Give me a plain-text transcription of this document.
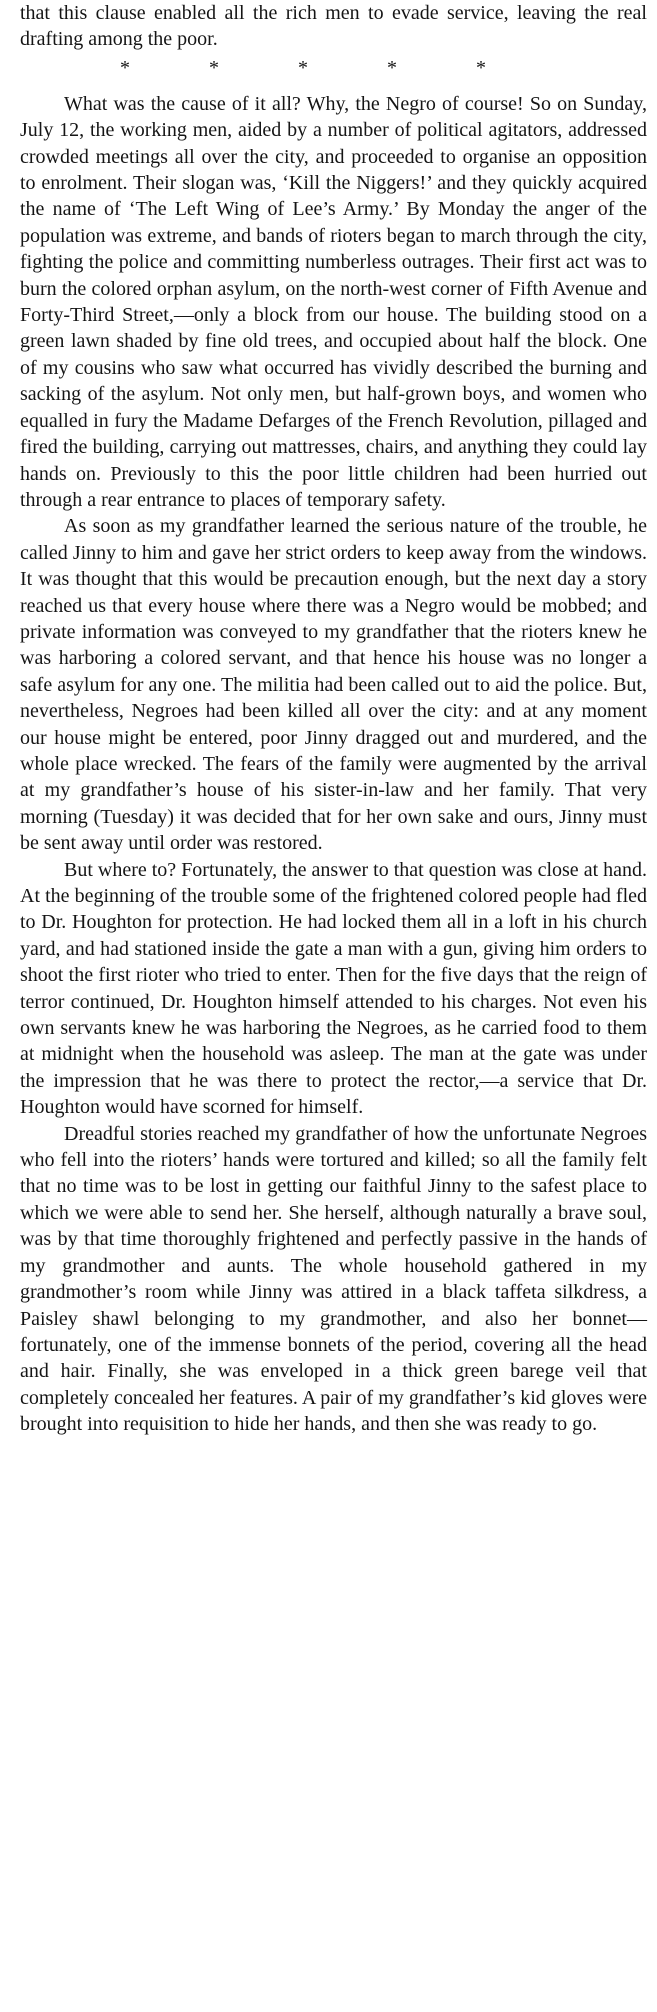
that this clause enabled all the rich men to evade service, leaving the real drafting among the poor.

* * * * *

What was the cause of it all? Why, the Negro of course! So on Sunday, July 12, the working men, aided by a number of political agitators, addressed crowded meetings all over the city, and proceeded to organise an opposition to enrolment. Their slogan was, ‘Kill the Niggers!’ and they quickly acquired the name of ‘The Left Wing of Lee’s Army.’ By Monday the anger of the population was extreme, and bands of rioters began to march through the city, fighting the police and committing numberless outrages. Their first act was to burn the colored orphan asylum, on the north-west corner of Fifth Avenue and Forty-Third Street,—only a block from our house. The building stood on a green lawn shaded by fine old trees, and occupied about half the block. One of my cousins who saw what occurred has vividly described the burning and sacking of the asylum. Not only men, but half-grown boys, and women who equalled in fury the Madame Defarges of the French Revolution, pillaged and fired the building, carrying out mattresses, chairs, and anything they could lay hands on. Previously to this the poor little children had been hurried out through a rear entrance to places of temporary safety.

As soon as my grandfather learned the serious nature of the trouble, he called Jinny to him and gave her strict orders to keep away from the windows. It was thought that this would be precaution enough, but the next day a story reached us that every house where there was a Negro would be mobbed; and private information was conveyed to my grandfather that the rioters knew he was harboring a colored servant, and that hence his house was no longer a safe asylum for any one. The militia had been called out to aid the police. But, nevertheless, Negroes had been killed all over the city: and at any moment our house might be entered, poor Jinny dragged out and murdered, and the whole place wrecked. The fears of the family were augmented by the arrival at my grandfather’s house of his sister-in-law and her family. That very morning (Tuesday) it was decided that for her own sake and ours, Jinny must be sent away until order was restored.

But where to? Fortunately, the answer to that question was close at hand. At the beginning of the trouble some of the frightened colored people had fled to Dr. Houghton for protection. He had locked them all in a loft in his church yard, and had stationed inside the gate a man with a gun, giving him orders to shoot the first rioter who tried to enter. Then for the five days that the reign of terror continued, Dr. Houghton himself attended to his charges. Not even his own servants knew he was harboring the Negroes, as he carried food to them at midnight when the household was asleep. The man at the gate was under the impression that he was there to protect the rector,—a service that Dr. Houghton would have scorned for himself.

Dreadful stories reached my grandfather of how the unfortunate Negroes who fell into the rioters’ hands were tortured and killed; so all the family felt that no time was to be lost in getting our faithful Jinny to the safest place to which we were able to send her. She herself, although naturally a brave soul, was by that time thoroughly frightened and perfectly passive in the hands of my grandmother and aunts. The whole household gathered in my grandmother’s room while Jinny was attired in a black taffeta silkdress, a Paisley shawl belonging to my grandmother, and also her bonnet—fortunately, one of the immense bonnets of the period, covering all the head and hair. Finally, she was enveloped in a thick green barege veil that completely concealed her features. A pair of my grandfather’s kid gloves were brought into requisition to hide her hands, and then she was ready to go.
